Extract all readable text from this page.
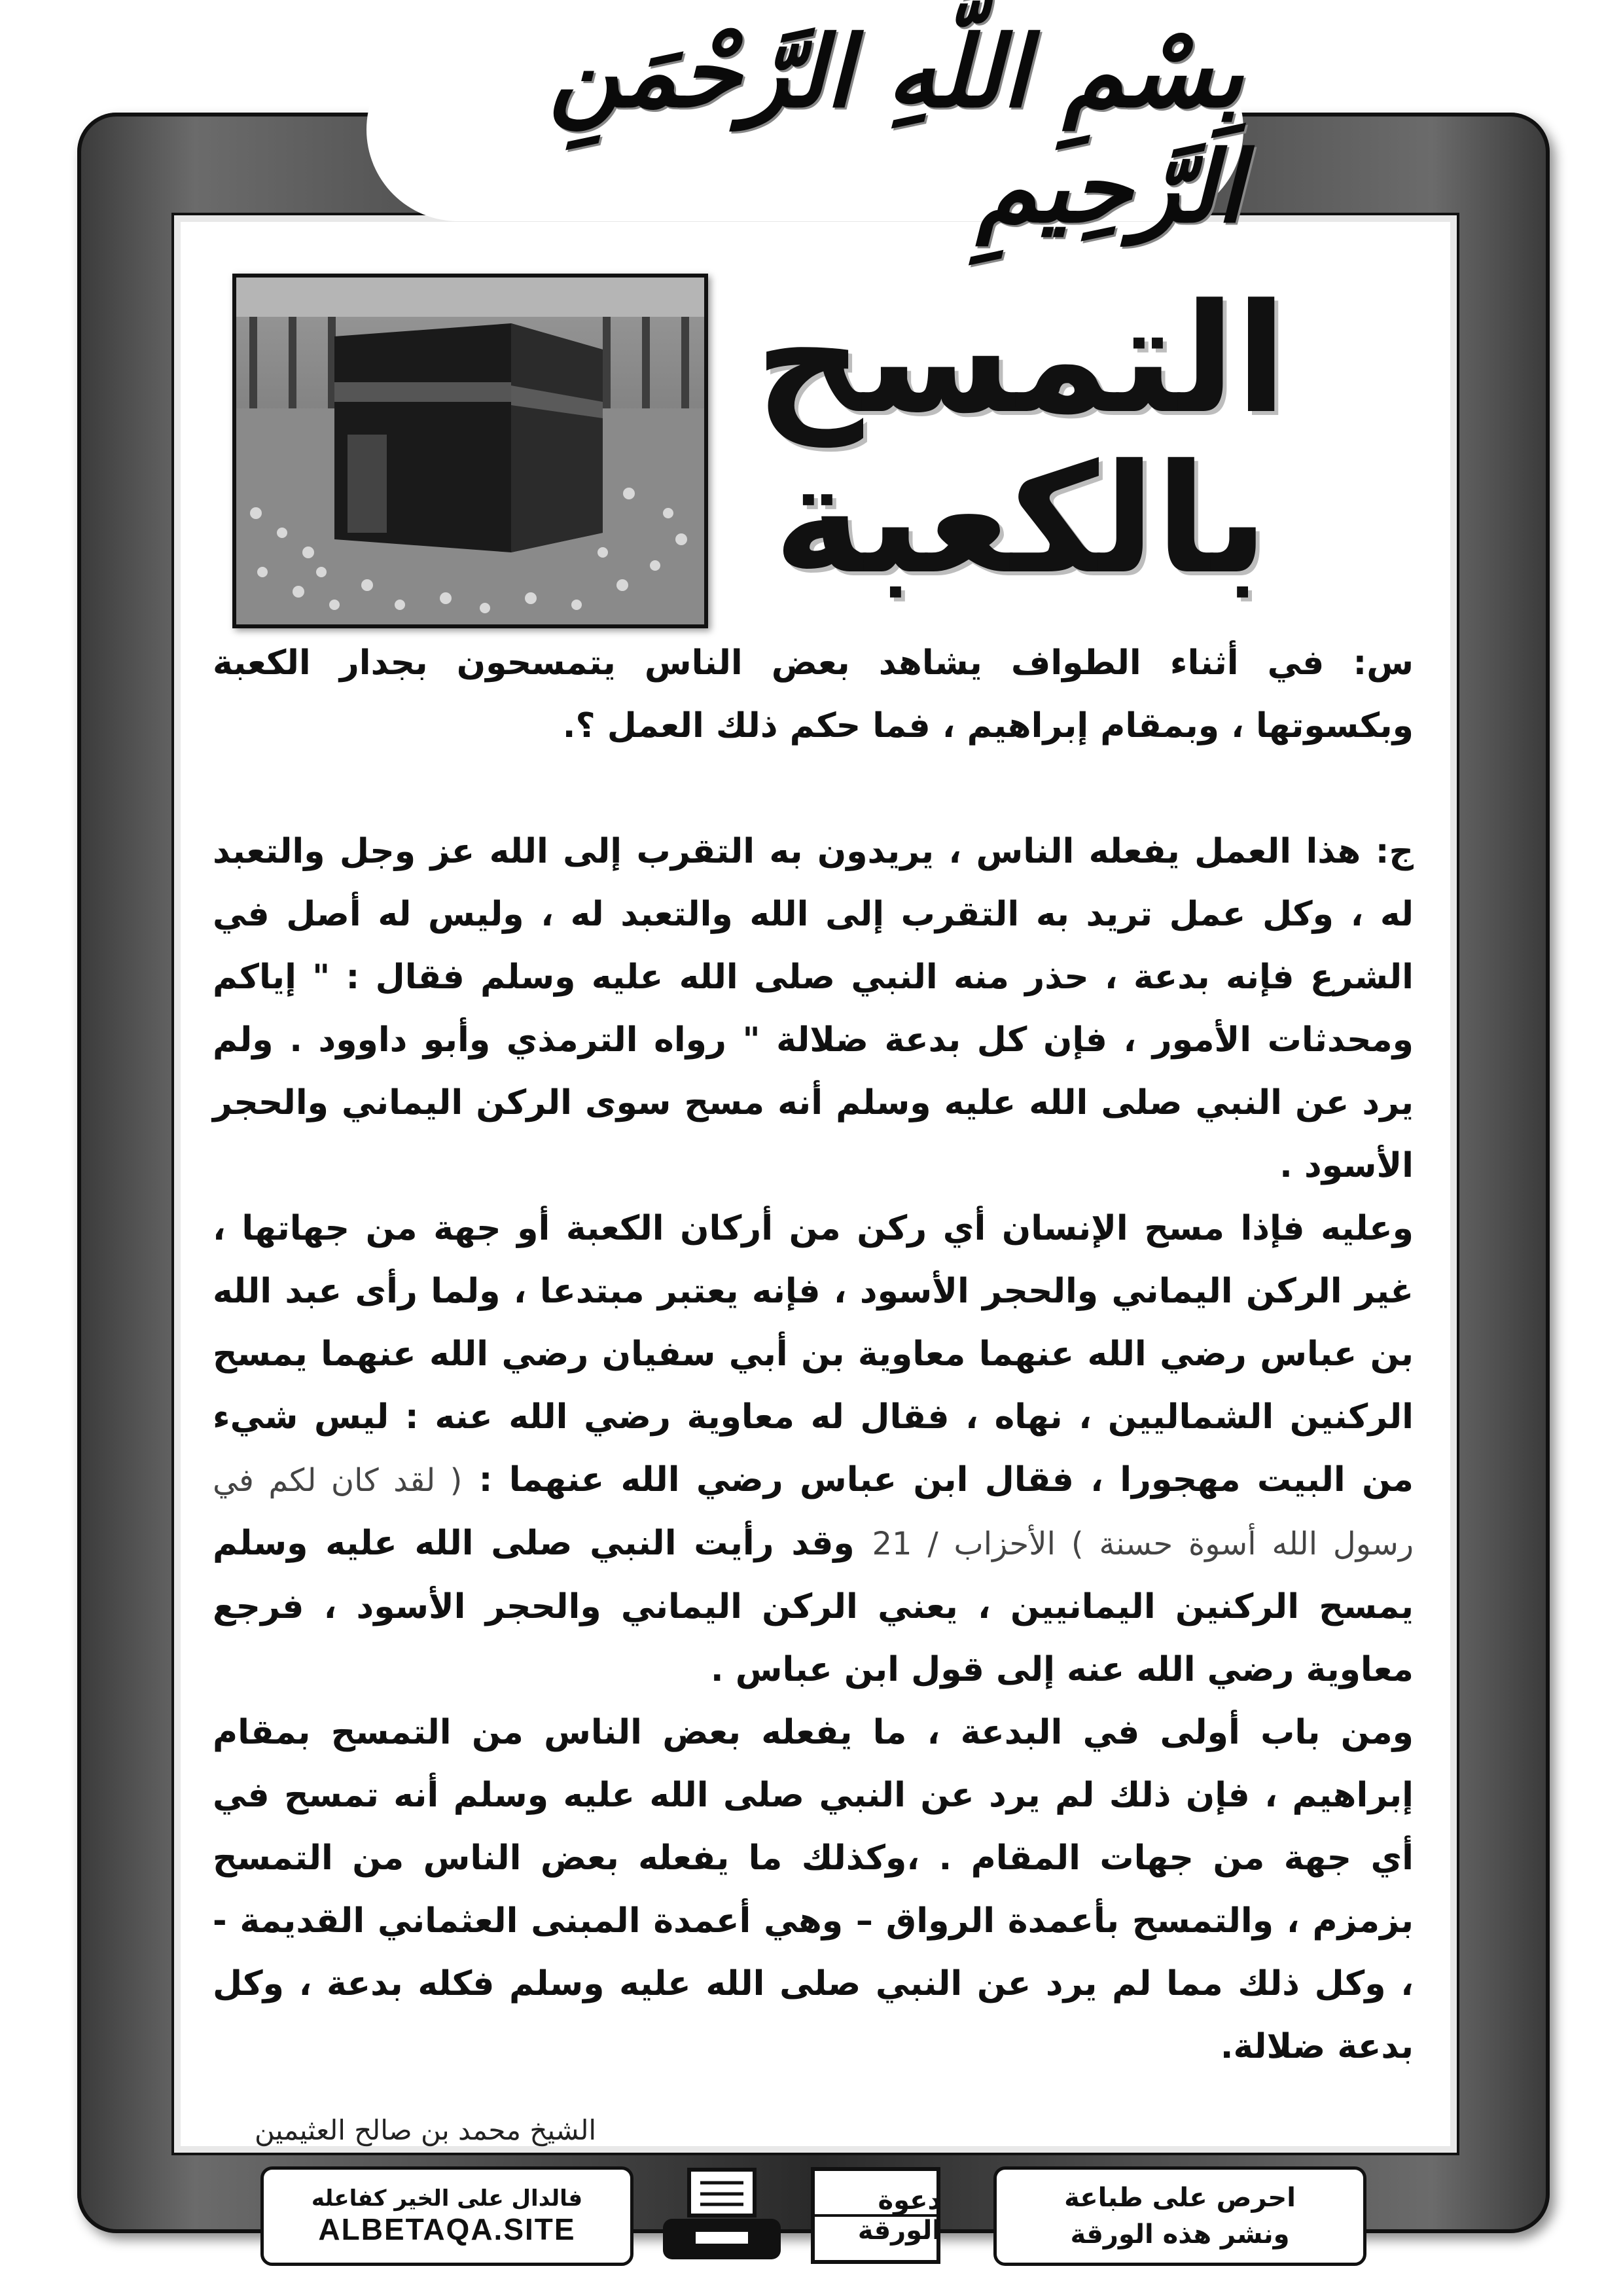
بِسْمِ اللَّهِ الرَّحْمَنِ الرَّحِيمِ
التمسح
بالكعبة

س: في أثناء الطواف يشاهد بعض الناس يتمسحون بجدار الكعبة وبكسوتها ، وبمقام إبراهيم ، فما حكم ذلك العمل ؟.

ج: هذا العمل يفعله الناس ، يريدون به التقرب إلى الله عز وجل والتعبد له ، وكل عمل تريد به التقرب إلى الله والتعبد له ، وليس له أصل في الشرع فإنه بدعة ، حذر منه النبي صلى الله عليه وسلم فقال : " إياكم ومحدثات الأمور ، فإن كل بدعة ضلالة " رواه الترمذي وأبو داوود . ولم يرد عن النبي صلى الله عليه وسلم أنه مسح سوى الركن اليماني والحجر الأسود .

وعليه فإذا مسح الإنسان أي ركن من أركان الكعبة أو جهة من جهاتها ، غير الركن اليماني والحجر الأسود ، فإنه يعتبر مبتدعا ، ولما رأى عبد الله بن عباس رضي الله عنهما معاوية بن أبي سفيان رضي الله عنهما يمسح الركنين الشماليين ، نهاه ، فقال له معاوية رضي الله عنه : ليس شيء من البيت مهجورا ، فقال ابن عباس رضي الله عنهما : ( لقد كان لكم في رسول الله أسوة حسنة ) الأحزاب / 21 وقد رأيت النبي صلى الله عليه وسلم يمسح الركنين اليمانيين ، يعني الركن اليماني والحجر الأسود ، فرجع معاوية رضي الله عنه إلى قول ابن عباس .

ومن باب أولى في البدعة ، ما يفعله بعض الناس من التمسح بمقام إبراهيم ، فإن ذلك لم يرد عن النبي صلى الله عليه وسلم أنه تمسح في أي جهة من جهات المقام . ،وكذلك ما يفعله بعض الناس من التمسح بزمزم ، والتمسح بأعمدة الرواق – وهي أعمدة المبنى العثماني القديمة - ، وكل ذلك مما لم يرد عن النبي صلى الله عليه وسلم فكله بدعة ، وكل بدعة ضلالة.

الشيخ محمد بن صالح العثيمين
فالدال على الخير كفاعله
ALBETAQA.SITE
دعوة الورقة
احرص على طباعة
ونشر هذه الورقة
